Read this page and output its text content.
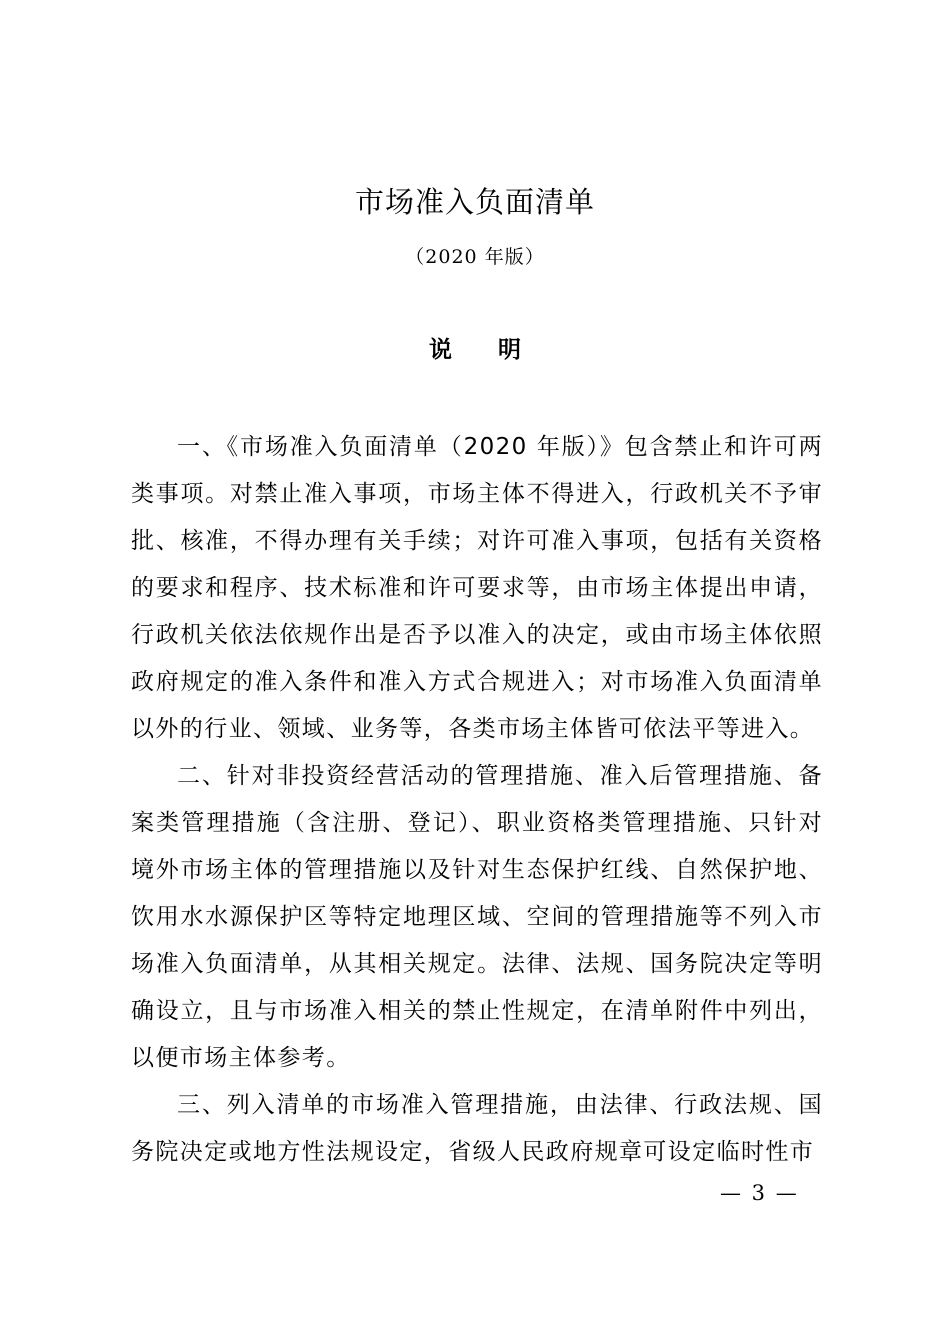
市场准入负面清单
（2020 年版）
说　　明

一、《市场准入负面清单（2020 年版）》包含禁止和许可两类事项。对禁止准入事项，市场主体不得进入，行政机关不予审批、核准，不得办理有关手续；对许可准入事项，包括有关资格的要求和程序、技术标准和许可要求等，由市场主体提出申请，行政机关依法依规作出是否予以准入的决定，或由市场主体依照政府规定的准入条件和准入方式合规进入；对市场准入负面清单以外的行业、领域、业务等，各类市场主体皆可依法平等进入。

二、针对非投资经营活动的管理措施、准入后管理措施、备案类管理措施（含注册、登记）、职业资格类管理措施、只针对境外市场主体的管理措施以及针对生态保护红线、自然保护地、饮用水水源保护区等特定地理区域、空间的管理措施等不列入市场准入负面清单，从其相关规定。法律、法规、国务院决定等明确设立，且与市场准入相关的禁止性规定，在清单附件中列出，以便市场主体参考。

三、列入清单的市场准入管理措施，由法律、行政法规、国务院决定或地方性法规设定，省级人民政府规章可设定临时性市

— 3 —
